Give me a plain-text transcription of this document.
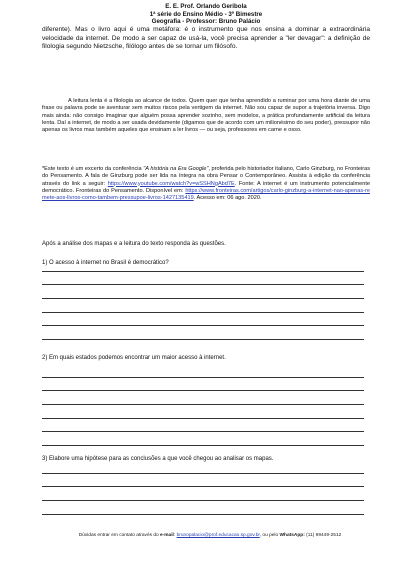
E. E. Prof. Orlando Geribola
1ª série do Ensino Médio - 3º Bimestre
Geografia - Professor: Bruno Palácio

diferente). Mas o livro aqui é uma metáfora: é o instrumento que nos ensina a dominar a extraordinária velocidade da internet. De modo a ser capaz de usá-la, você precisa aprender a "ler devagar": a definição de filologia segundo Nietzsche, filólogo antes de se tornar um filósofo.

A leitura lenta é a filologia ao alcance de todos. Quem quer que tenha aprendido a ruminar por uma hora diante de uma frase ou palavra pode se aventurar sem muitos riscos pela vertigem da internet. Não sou capaz de supor a trajetória inversa. Digo mais ainda: não consigo imaginar que alguém possa aprender sozinho, sem modelos, a prática profundamente artificial da leitura lenta. Daí a internet, de modo a ser usada devidamente (digamos que de acordo com um milionésimo do seu poder), pressupor não apenas os livros mas também aqueles que ensinam a ler livros — ou seja, professores em carne e osso.

*Este texto é um excerto da conferência "A história na Era Google", proferida pelo historiador italiano, Carlo Ginzburg, no Fronteiras do Pensamento. A fala de Ginzburg pode ser lida na íntegra na obra Pensar o Contemporâneo. Assista à edição da conferência através do link a seguir: https://www.youtube.com/watch?v=wSSHNgAbd7E. Fonte: A internet é um instrumento potencialmente democrático. Fronteiras do Pensamento. Disponível em: https://www.fronteiras.com/artigos/carlo-ginzburg-a-internet-nao-apenas-remete-aos-livros-como-tambem-pressupoe-livros-1427135419. Acesso em: 06 ago. 2020.

Após a análise dos mapas e a leitura do texto responda às questões.
1) O acesso à internet no Brasil é democrático?
2) Em quais estados podemos encontrar um maior acesso à internet.
3) Elabore uma hipótese para as conclusões a que você chegou ao analisar os mapas.
Dúvidas entrar em contato através do e-mail: brunopalacio@prof.educacao.sp.gov.br, ou pelo WhatsApp: (11) 99449-2512
